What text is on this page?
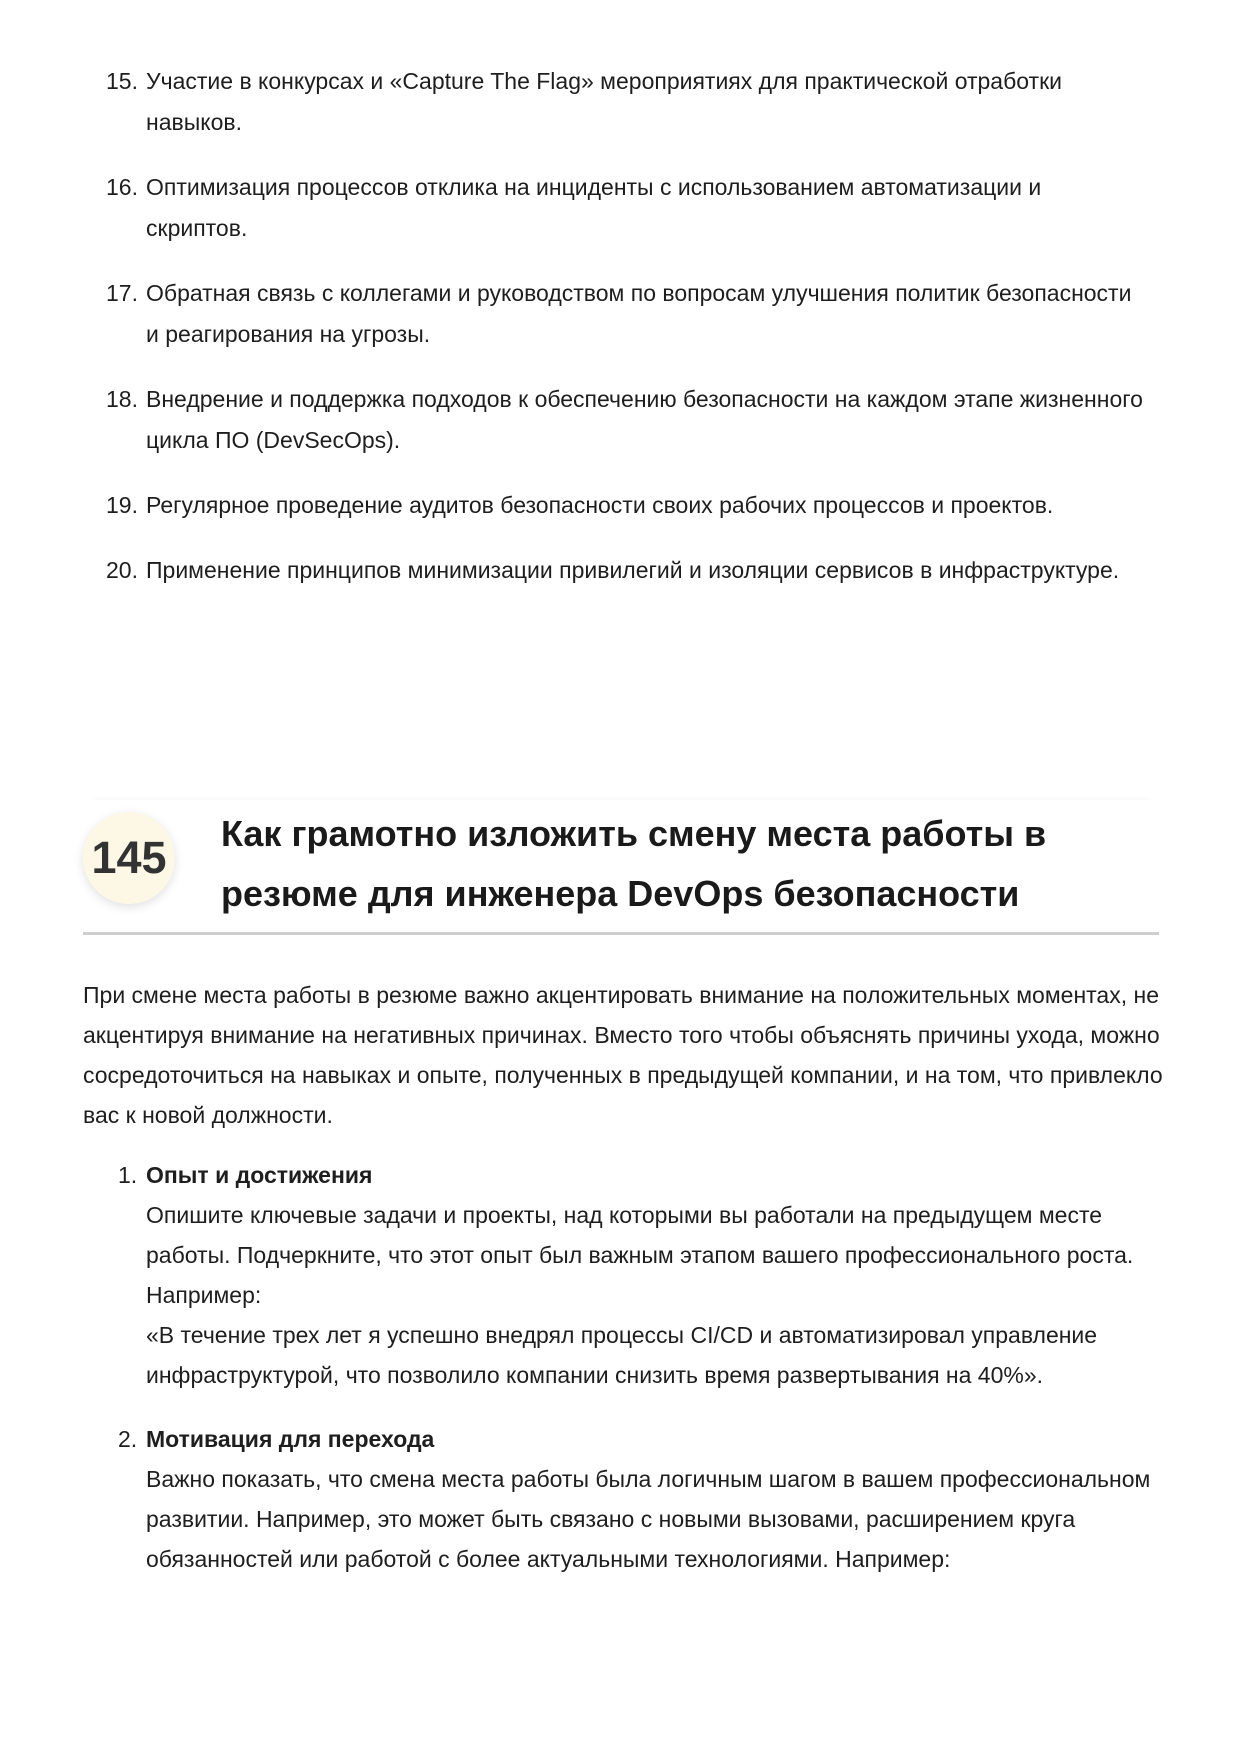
15. Участие в конкурсах и «Capture The Flag» мероприятиях для практической отработки навыков.
16. Оптимизация процессов отклика на инциденты с использованием автоматизации и скриптов.
17. Обратная связь с коллегами и руководством по вопросам улучшения политик безопасности и реагирования на угрозы.
18. Внедрение и поддержка подходов к обеспечению безопасности на каждом этапе жизненного цикла ПО (DevSecOps).
19. Регулярное проведение аудитов безопасности своих рабочих процессов и проектов.
20. Применение принципов минимизации привилегий и изоляции сервисов в инфраструктуре.
145 Как грамотно изложить смену места работы в резюме для инженера DevOps безопасности

При смене места работы в резюме важно акцентировать внимание на положительных моментах, не акцентируя внимание на негативных причинах. Вместо того чтобы объяснять причины ухода, можно сосредоточиться на навыках и опыте, полученных в предыдущей компании, и на том, что привлекло вас к новой должности.

1. Опыт и достижения
Опишите ключевые задачи и проекты, над которыми вы работали на предыдущем месте работы. Подчеркните, что этот опыт был важным этапом вашего профессионального роста. Например:
«В течение трех лет я успешно внедрял процессы CI/CD и автоматизировал управление инфраструктурой, что позволило компании снизить время развертывания на 40%».
2. Мотивация для перехода
Важно показать, что смена места работы была логичным шагом в вашем профессиональном развитии. Например, это может быть связано с новыми вызовами, расширением круга обязанностей или работой с более актуальными технологиями. Например:
